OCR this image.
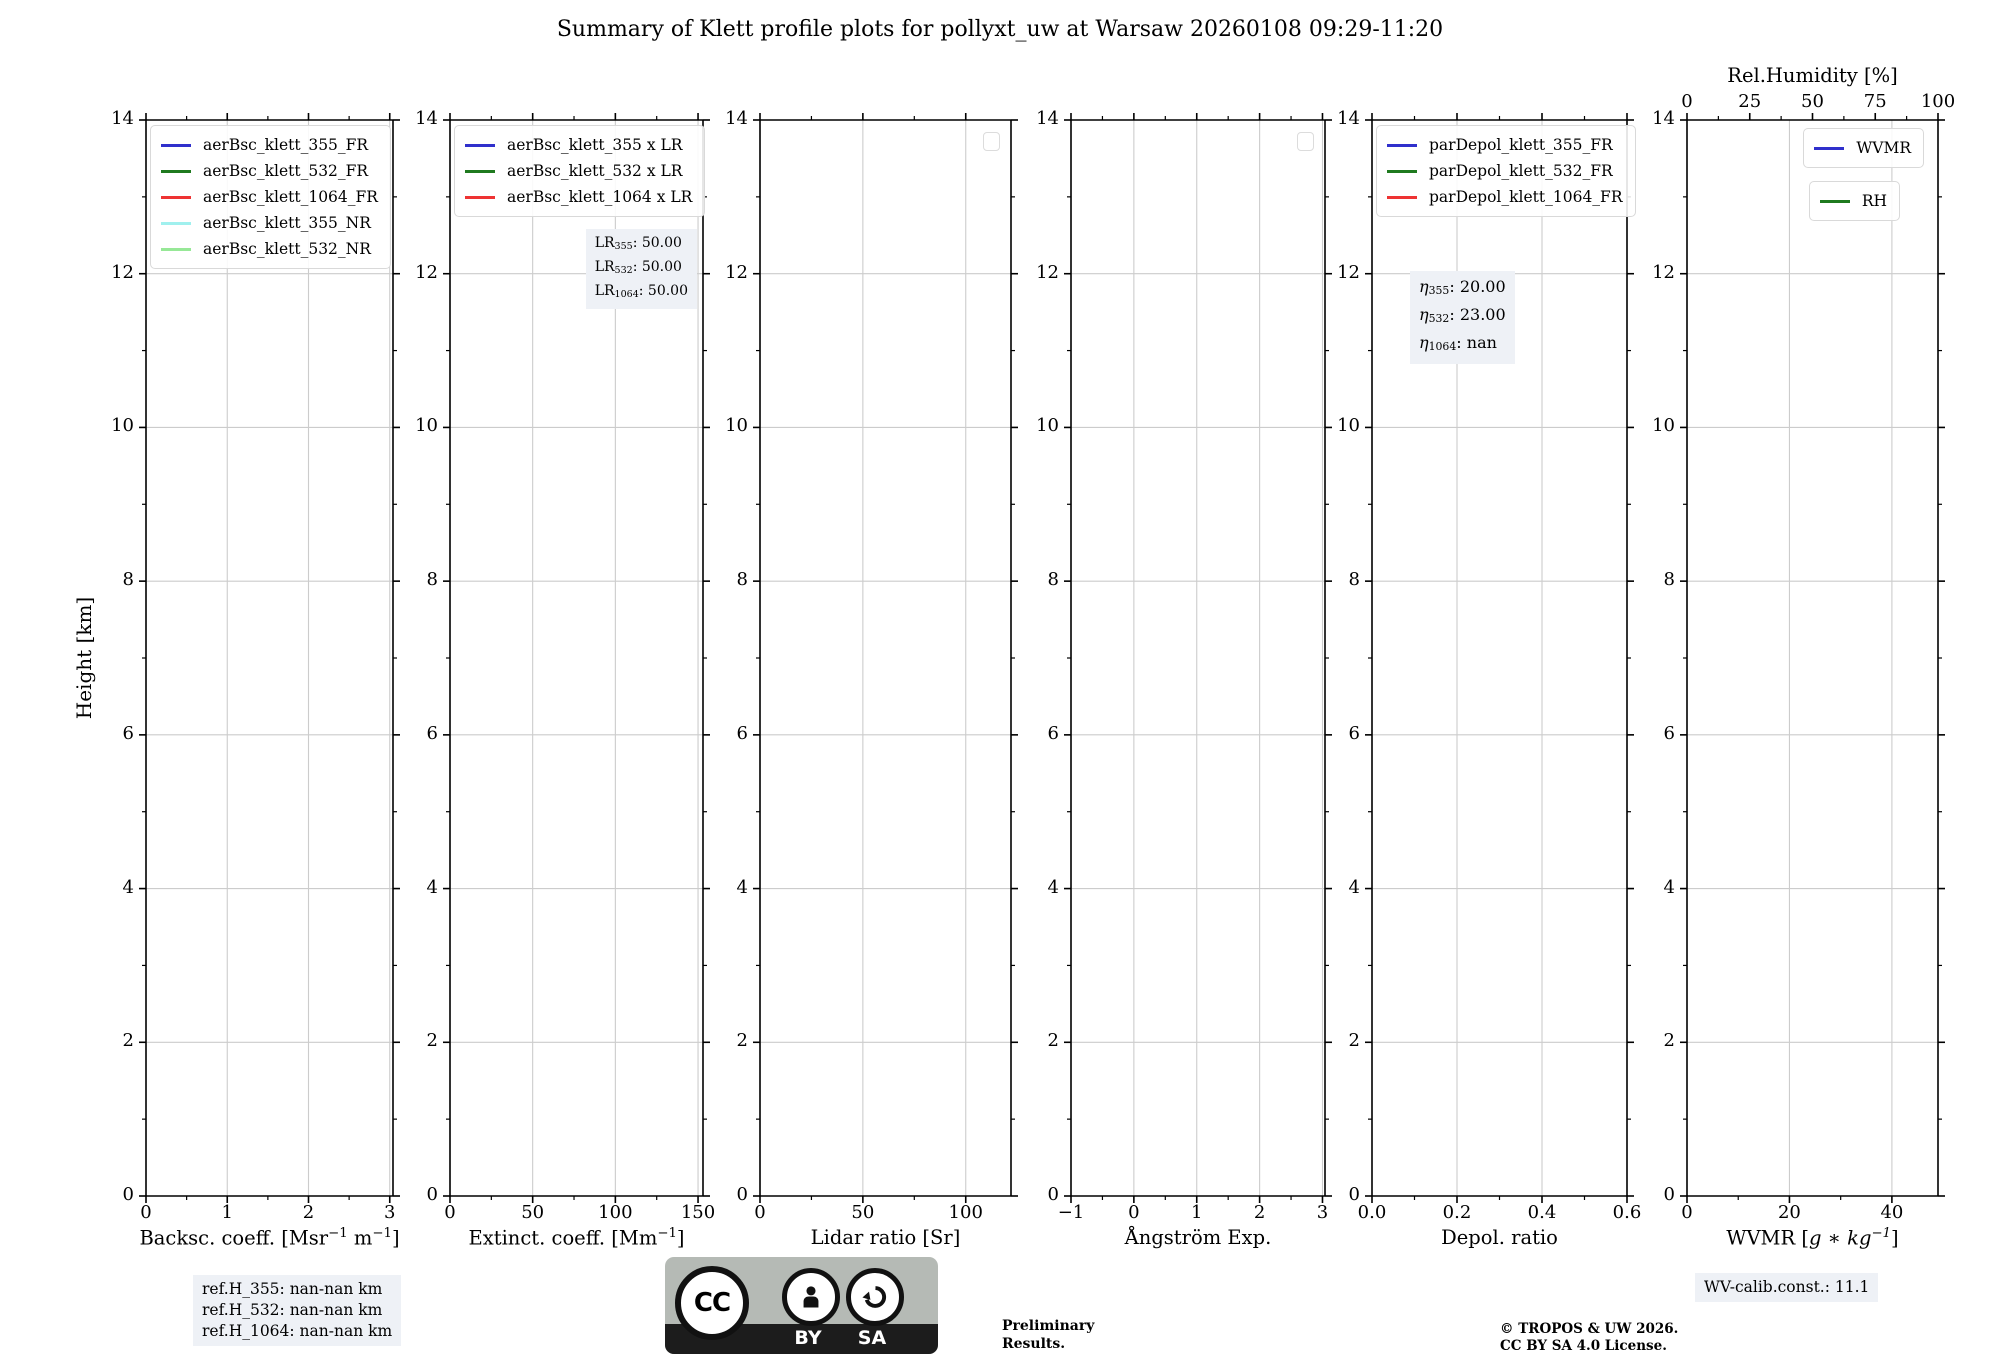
Summary of Klett profile plots for pollyxt_uw at Warsaw 20260108 09:29-11:20
Height [km]
ref.H_355: nan-nan km
ref.H_532: nan-nan km
ref.H_1064: nan-nan km
WV-calib.const.: 11.1
© TROPOS & UW 2026.
CC BY SA 4.0 License.
Preliminary
Results.
BY	SA
CC
0	1	2	3
0
2
4
6
8
10
12
14
Backsc. coeff. [Msr$^{-1}$ $m^{-1}$]
aerBsc_klett_355_FR
aerBsc_klett_532_FR
aerBsc_klett_1064_FR
aerBsc_klett_355_NR
aerBsc_klett_532_NR
0	50	100	150
0
2
4
6
8
10
12
14
Extinct. coeff. $[Mm^{-1}]$
aerBsc_klett_355 x LR
aerBsc_klett_532 x LR
aerBsc_klett_1064 x LR
$LR_{355}$: 50.00
$LR_{532}$: 50.00
$LR_{1064}$: 50.00
0	50	100
0
2
4
6
8
10
12
14
Lidar ratio [Sr]
−1 0	1	2	3
0
2
4
6
8
10
12
14
Ångström Exp.
0.0	0.2	0.4	0.6
0
2
4
6
8
10
12
14
Depol. ratio
parDepol_klett_355_FR
parDepol_klett_532_FR
parDepol_klett_1064_FR
$\eta_{355}$: 20.00
$\eta_{532}$: 23.00
$\eta_{1064}$: nan
0	20	40
0	25 50 75 100
Rel.Humidity [%]
0
2
4
6
8
10
12
14
WVMR [g ∗ $kg^{-1}$]
WVMR
RH
